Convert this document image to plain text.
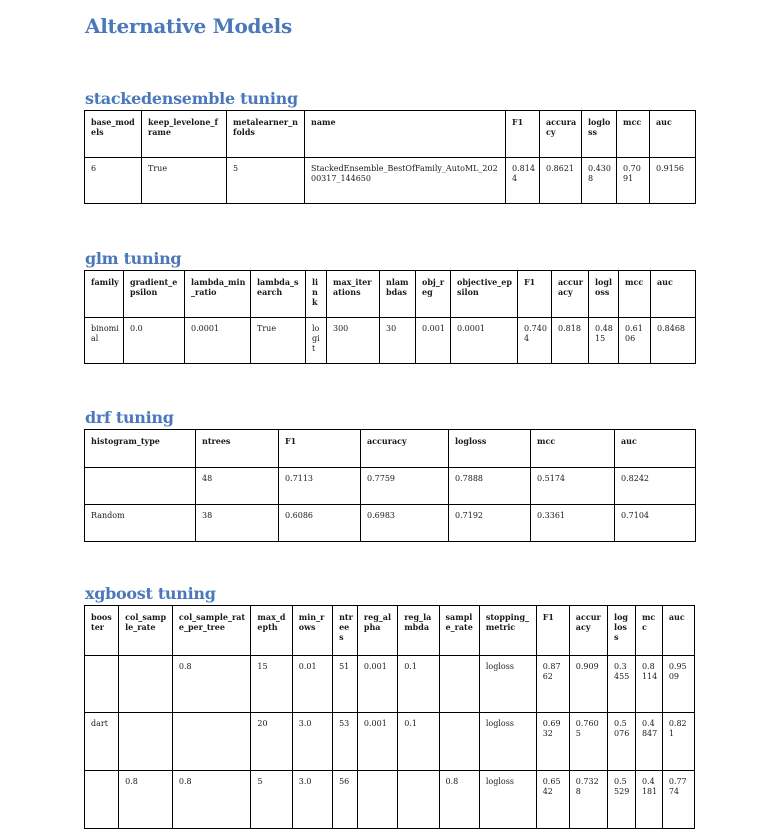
Alternative Models
stackedensemble tuning
base_models	keep_levelone_frame	metalearner_nfolds	name	F1	accuracy	logloss	mcc	auc
6	True	5	StackedEnsemble_BestOfFamily_AutoML_20200317_144650	0.8144	0.8621	0.4308	0.7091	0.9156
glm tuning
family	gradient_epsilon	lambda_min_ratio	lambda_search	link	max_iterations	nlambdas	obj_reg	objective_epsilon	F1	accuracy	logloss	mcc	auc
binomial	0.0	0.0001	True	logit	300	30	0.001	0.0001	0.7404	0.818	0.4815	0.6106	0.8468
drf tuning
histogram_type	ntrees	F1	accuracy	logloss	mcc	auc
	48	0.7113	0.7759	0.7888	0.5174	0.8242
Random	38	0.6086	0.6983	0.7192	0.3361	0.7104
xgboost tuning
booster	col_sample_rate	col_sample_rate_per_tree	max_depth	min_rows	ntrees	reg_alpha	reg_lambda	sample_rate	stopping_metric	F1	accuracy	logloss	mcc	auc
		0.8	15	0.01	51	0.001	0.1		logloss	0.8762	0.909	0.3455	0.8114	0.9509
dart			20	3.0	53	0.001	0.1		logloss	0.6932	0.7605	0.5076	0.4847	0.821
	0.8	0.8	5	3.0	56			0.8	logloss	0.6542	0.7328	0.5529	0.4181	0.7774
